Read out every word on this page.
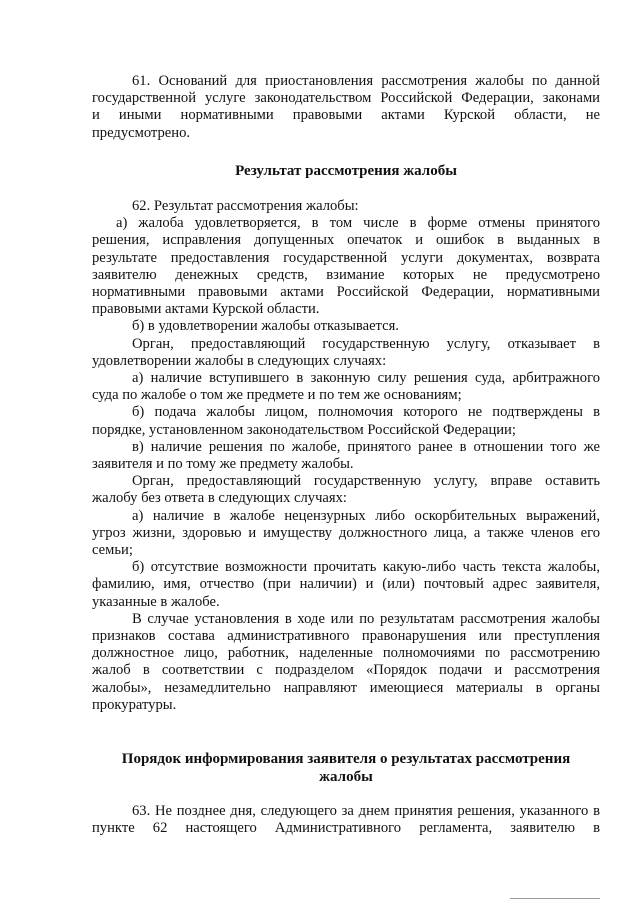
61. Оснований для приостановления рассмотрения жалобы по данной

государственной услуге законодательством Российской Федерации, законами

и иными нормативными правовыми актами Курской области, не

предусмотрено.

Результат рассмотрения жалобы

62. Результат рассмотрения жалобы:

а) жалоба удовлетворяется, в том числе в форме отмены принятого

решения, исправления допущенных опечаток и ошибок в выданных в

результате предоставления государственной услуги документах, возврата

заявителю денежных средств, взимание которых не предусмотрено

нормативными правовыми актами Российской Федерации, нормативными

правовыми актами Курской области.

б) в удовлетворении жалобы отказывается.

Орган, предоставляющий государственную услугу, отказывает в

удовлетворении жалобы в следующих случаях:

а) наличие вступившего в законную силу решения суда, арбитражного

суда по жалобе о том же предмете и по тем же основаниям;

б) подача жалобы лицом, полномочия которого не подтверждены в

порядке, установленном законодательством Российской Федерации;

в) наличие решения по жалобе, принятого ранее в отношении того же

заявителя и по тому же предмету жалобы.

Орган, предоставляющий государственную услугу, вправе оставить

жалобу без ответа в следующих случаях:

а) наличие в жалобе нецензурных либо оскорбительных выражений,

угроз жизни, здоровью и имуществу должностного лица, а также членов его

семьи;

б) отсутствие возможности прочитать какую-либо часть текста жалобы,

фамилию, имя, отчество (при наличии) и (или) почтовый адрес заявителя,

указанные в жалобе.

В случае установления в ходе или по результатам рассмотрения жалобы

признаков состава административного правонарушения или преступления

должностное лицо, работник, наделенные полномочиями по рассмотрению

жалоб в соответствии с подразделом «Порядок подачи и рассмотрения

жалобы», незамедлительно направляют имеющиеся материалы в органы

прокуратуры.

Порядок информирования заявителя о результатах рассмотрения
жалобы

63. Не позднее дня, следующего за днем принятия решения, указанного в

пункте 62 настоящего Административного регламента, заявителю в
